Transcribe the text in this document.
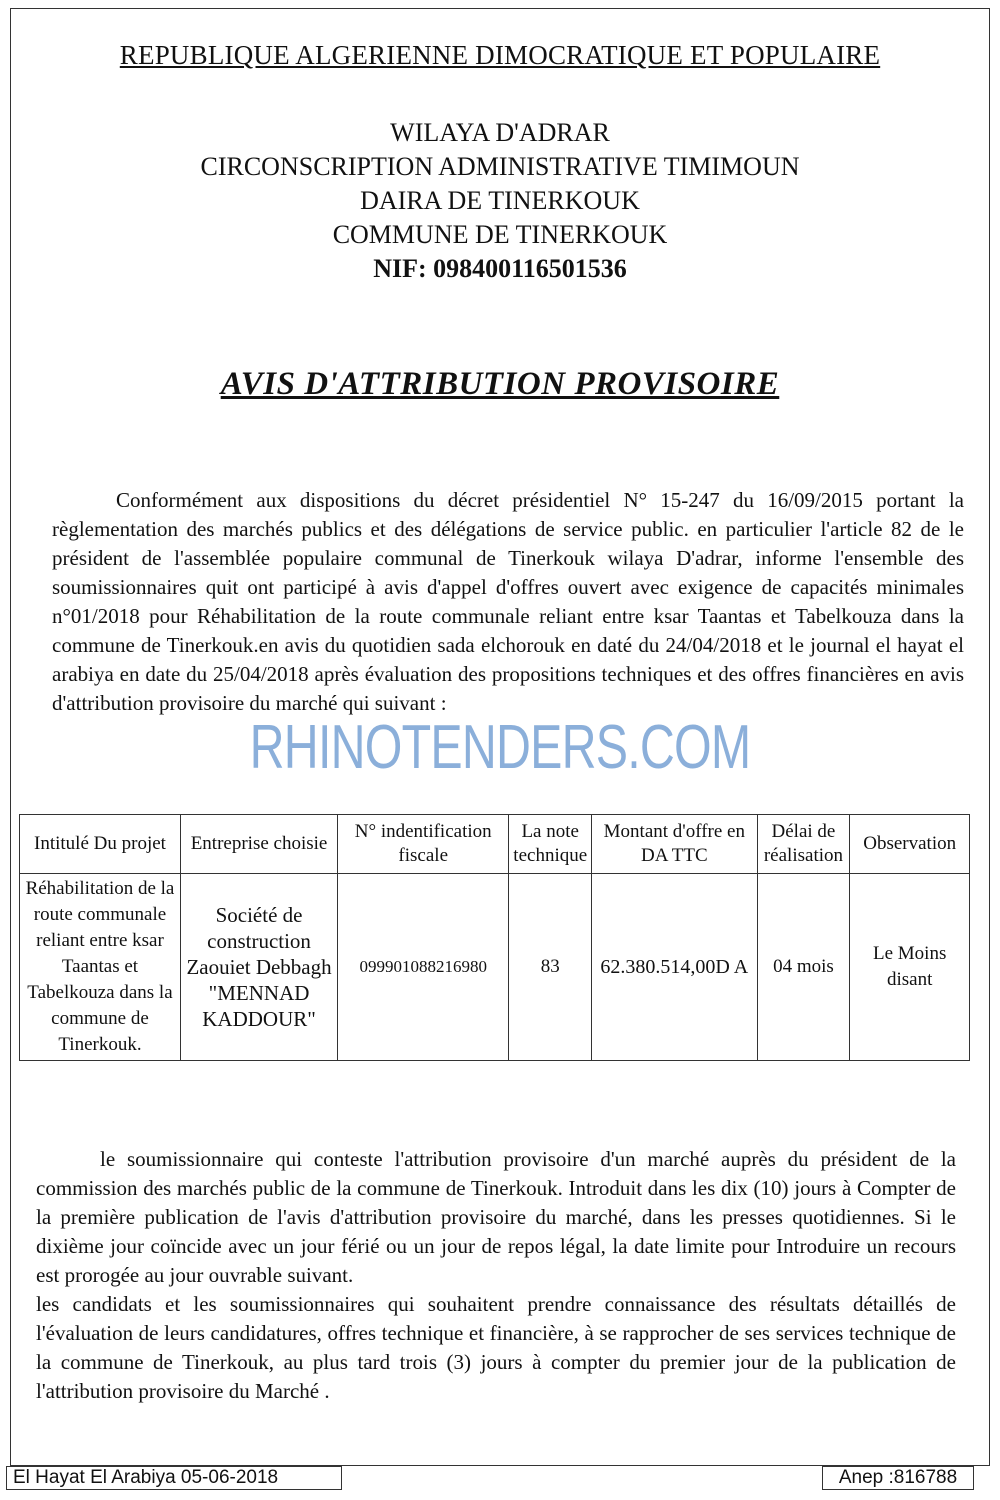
REPUBLIQUE ALGERIENNE DIMOCRATIQUE ET POPULAIRE
WILAYA D'ADRAR
CIRCONSCRIPTION ADMINISTRATIVE TIMIMOUN
DAIRA DE TINERKOUK
COMMUNE DE TINERKOUK
NIF: 098400116501536
AVIS D'ATTRIBUTION PROVISOIRE
Conformément aux dispositions du décret présidentiel N° 15-247 du 16/09/2015 portant la règlementation des marchés publics et des délégations de service public. en particulier l'article 82 de le président de l'assemblée populaire communal de Tinerkouk wilaya D'adrar, informe l'ensemble des soumissionnaires quit ont participé à avis d'appel d'offres ouvert avec exigence de capacités minimales n°01/2018 pour Réhabilitation de la route communale reliant entre ksar Taantas et Tabelkouza dans la commune de Tinerkouk.en avis du quotidien sada elchorouk en daté du 24/04/2018 et le journal el hayat el arabiya en date du 25/04/2018 après évaluation des propositions techniques et des offres financières en avis d'attribution provisoire du marché qui suivant :
RHINOTENDERS.COM
Intitulé Du projet	Entreprise choisie	N° indentification fiscale	La note technique	Montant d'offre en DA TTC	Délai de réalisation	Observation
Réhabilitation de la route communale reliant entre ksar Taantas et Tabelkouza dans la commune de Tinerkouk.	Société de construction Zaouiet Debbagh "MENNAD KADDOUR"	099901088216980	83	62.380.514,00D A	04 mois	Le Moins disant

le soumissionnaire qui conteste l'attribution provisoire d'un marché auprès du président de la commission des marchés public de la commune de Tinerkouk. Introduit dans les dix (10) jours à Compter de la première publication de l'avis d'attribution provisoire du marché, dans les presses quotidiennes. Si le dixième jour coïncide avec un jour férié ou un jour de repos légal, la date limite pour Introduire un recours est prorogée au jour ouvrable suivant.

les candidats et les soumissionnaires qui souhaitent prendre connaissance des résultats détaillés de l'évaluation de leurs candidatures, offres technique et financière, à se rapprocher de ses services technique de la commune de Tinerkouk, au plus tard trois (3) jours à compter du premier jour de la publication de l'attribution provisoire du Marché .

El Hayat El Arabiya 05-06-2018	Anep :816788
